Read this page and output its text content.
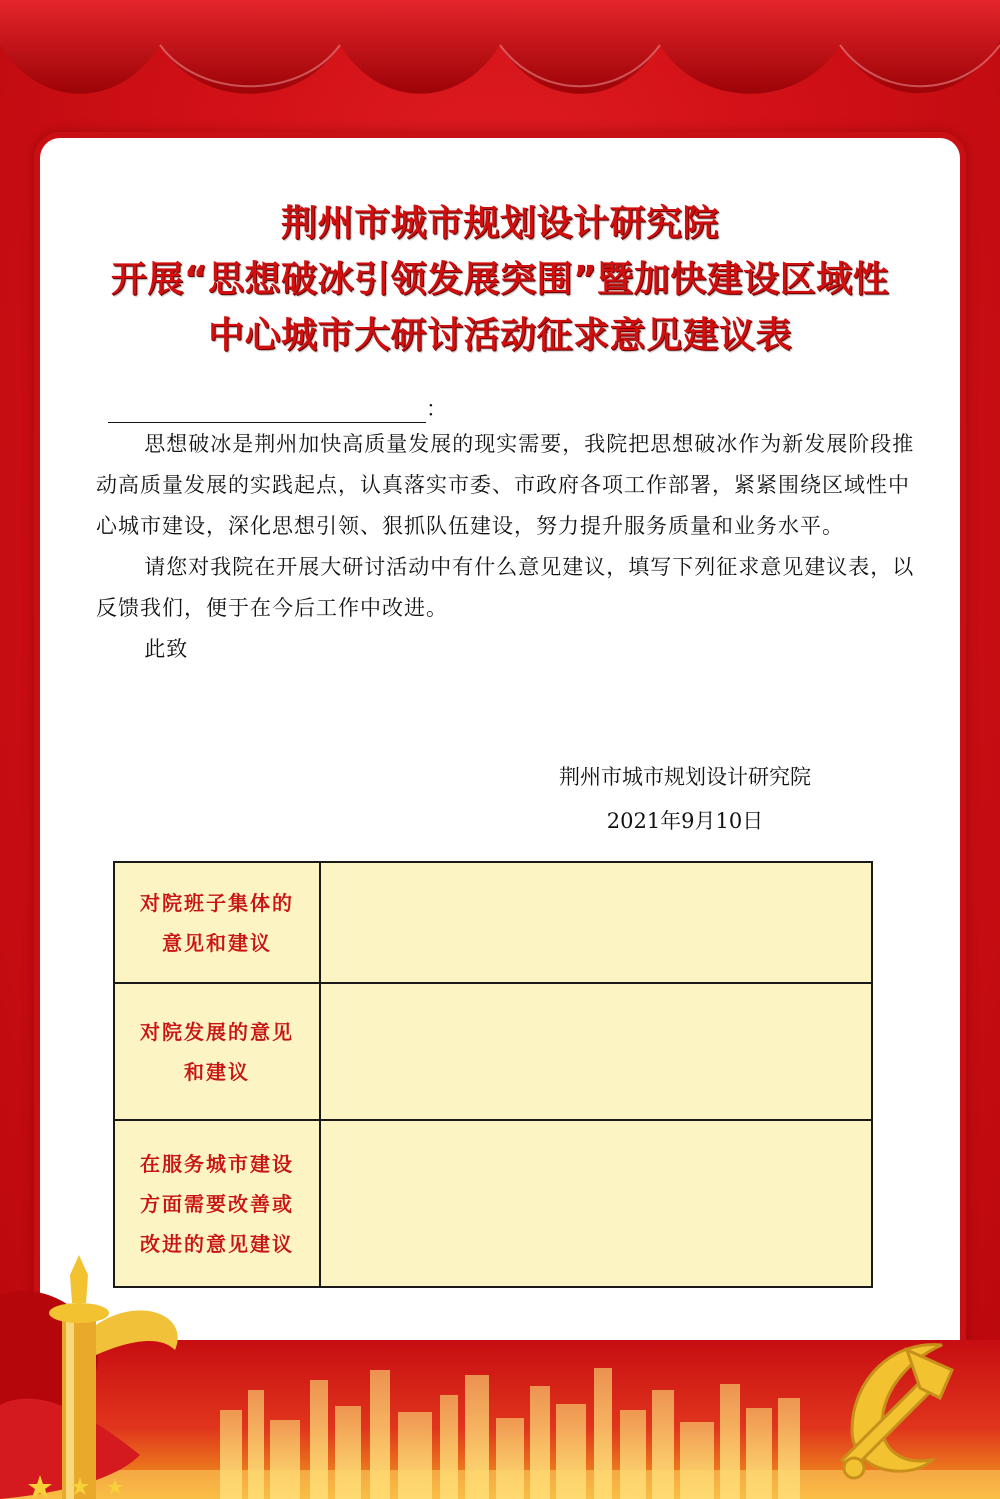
荆州市城市规划设计研究院
开展“思想破冰引领发展突围”暨加快建设区域性
中心城市大研讨活动征求意见建议表
：

思想破冰是荆州加快高质量发展的现实需要，我院把思想破冰作为新发展阶段推动高质量发展的实践起点，认真落实市委、市政府各项工作部署，紧紧围绕区域性中心城市建设，深化思想引领、狠抓队伍建设，努力提升服务质量和业务水平。

请您对我院在开展大研讨活动中有什么意见建议，填写下列征求意见建议表，以反馈我们，便于在今后工作中改进。

此致

荆州市城市规划设计研究院
2021年9月10日
对院班子集体的
意见和建议	

对院发展的意见
和建议	

在服务城市建设
方面需要改善或
改进的意见建议	
